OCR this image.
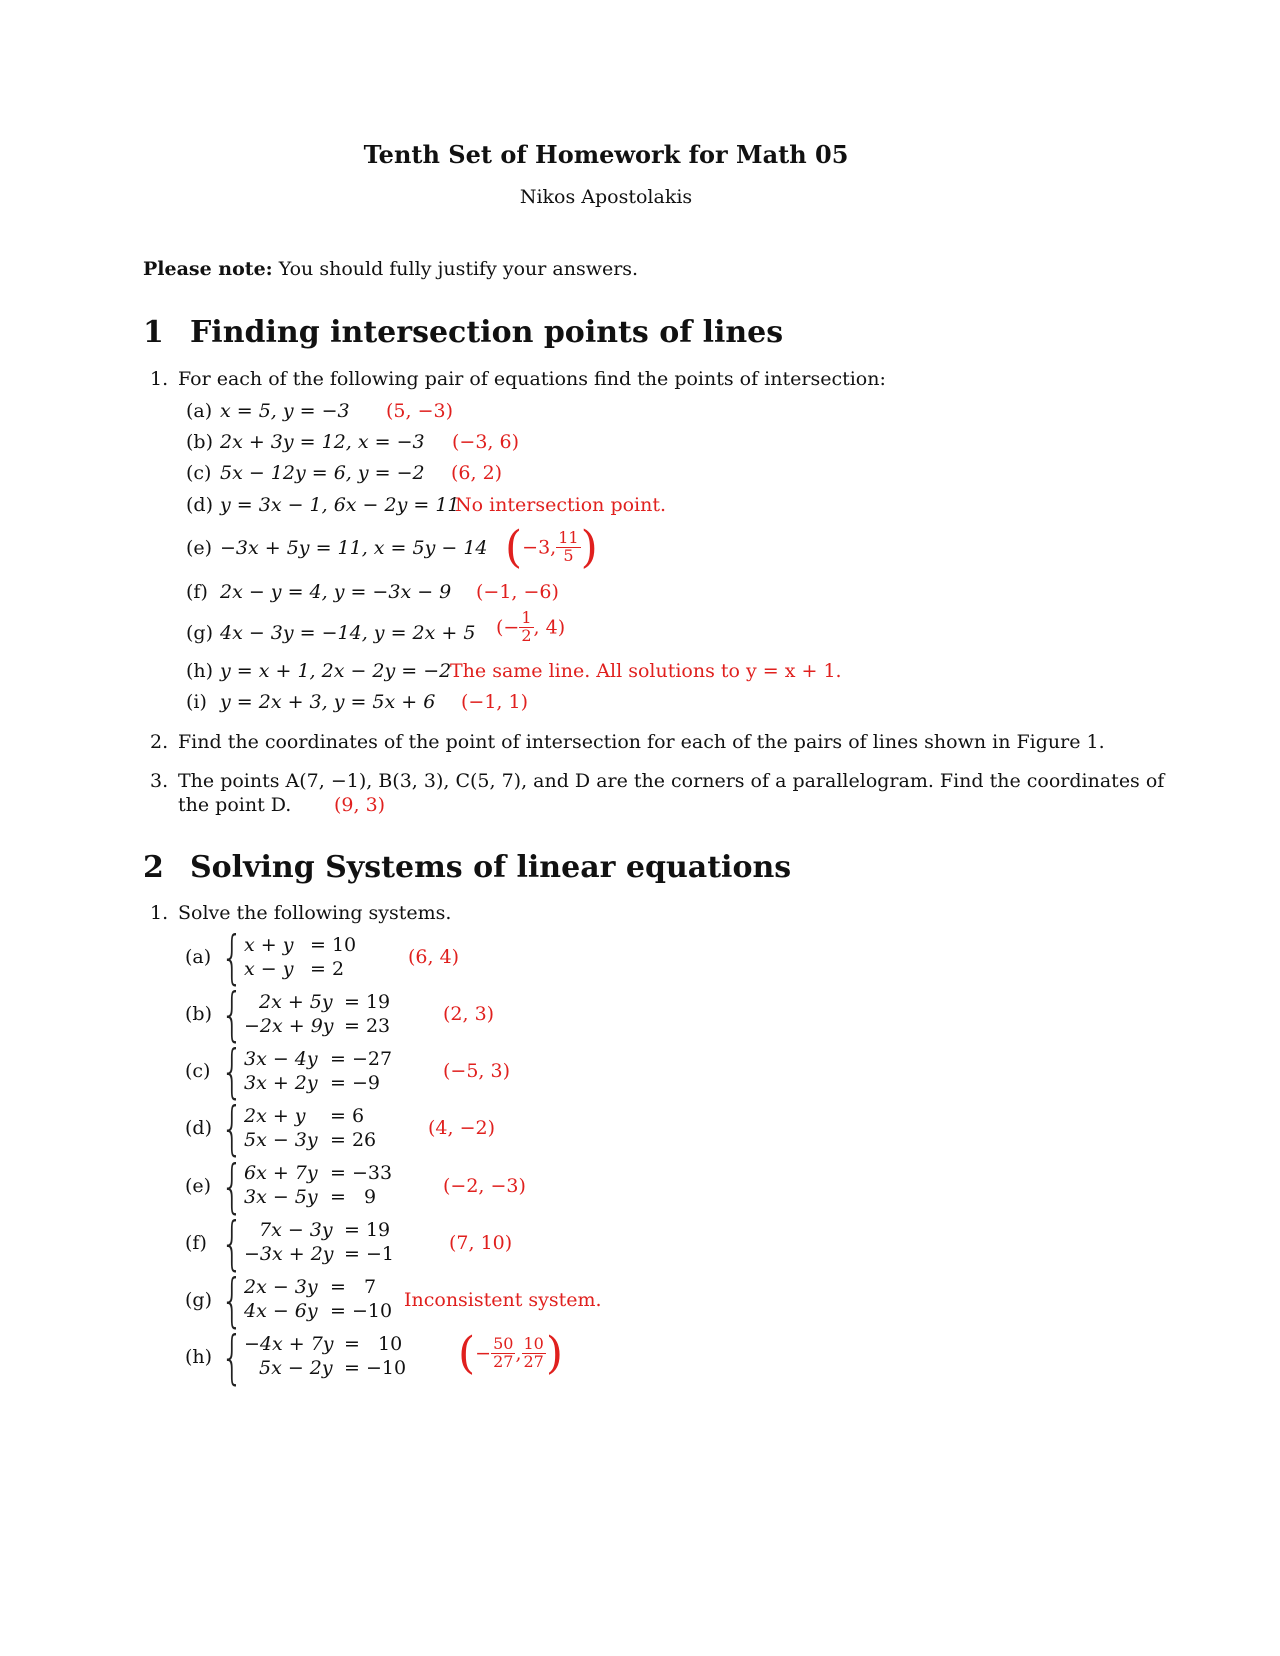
Tenth Set of Homework for Math 05
Nikos Apostolakis
Please note: You should fully justify your answers.
1 Finding intersection points of lines
1. For each of the following pair of equations find the points of intersection:
(a) x = 5, y = −3 (5, −3)
(b) 2x + 3y = 12, x = −3 (−3, 6)
(c) 5x − 12y = 6, y = −2 (6, 2)
(d) y = 3x − 1, 6x − 2y = 11
No intersection point.
(e) −3x + 5y = 11, x = 5y − 14 (−3, $\frac{11}{5}$ )
(f) 2x − y = 4, y = −3x − 9 (−1, −6)
(g) 4x − 3y = −14, y = 2x + 5 (− $\frac{1}{2}$ , 4)
(h) y = x + 1, 2x − 2y = −2
The same line. All solutions to y = x + 1.
(i) y = 2x + 3, y = 5x + 6 (−1, 1)
2. Find the coordinates of the point of intersection for each of the pairs of lines shown in Figure 1.
3. The points A(7, −1), B(3, 3), C(5, 7), and D are the corners of a parallelogram. Find the coordinates of
the point D. (9, 3)
2 Solving Systems of linear equations
1. Solve the following systems.
(a) { x + y = 10
x − y = 2
(6, 4)
(b) { 2x + 5y = 19
−2x + 9y = 23
(2, 3)
(c) { 3x − 4y = −27
3x + 2y = −9
(−5, 3)
(d) { 2x + y = 6
5x − 3y = 26
(4, −2)
(e) { 6x + 7y = −33
3x − 5y =   9	(−2, −3)
(f) { 7x − 3y = 19
−3x + 2y = −1	(7, 10)
(g) { 2x − 3y =   7
4x − 6y = −10 Inconsistent system.
(h) { −4x + 7y =   10
5x − 2y = −10 (− $\frac{50}{27}$ , $\frac{10}{27}$ )
